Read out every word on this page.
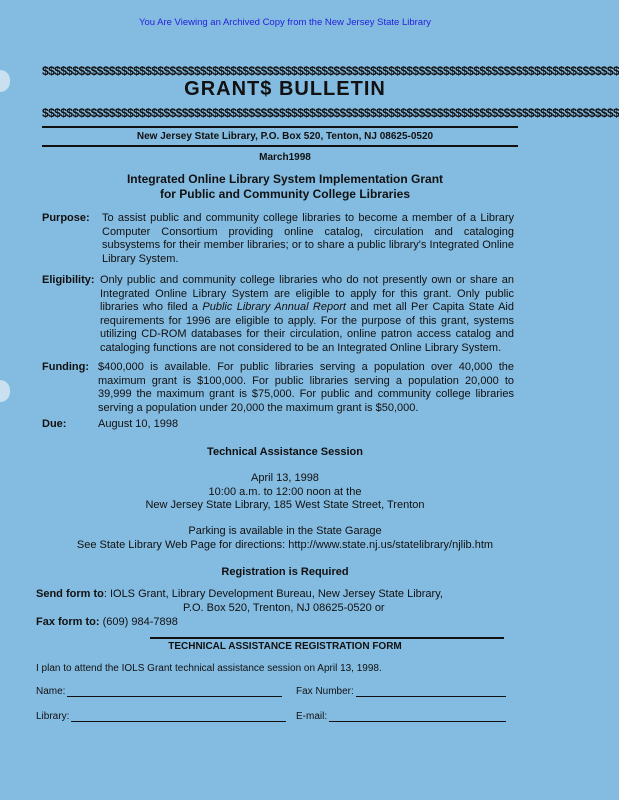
You Are Viewing an Archived Copy from the New Jersey State Library
$$$$$$$$$$$$$$$$$$$$$$$$$$$$$$$$$$$$$$$$$$$$$$$$$$$$$$$$$$$$$$$$$$$$$$$$$$$$$$$$$$$$$$$$$$$$$$$
GRANT$ BULLETIN
$$$$$$$$$$$$$$$$$$$$$$$$$$$$$$$$$$$$$$$$$$$$$$$$$$$$$$$$$$$$$$$$$$$$$$$$$$$$$$$$$$$$$$$$$$$$$$$
New Jersey State Library, P.O. Box 520, Tenton, NJ 08625-0520
March1998
Integrated Online Library System Implementation Grant
for Public and Community College Libraries
Purpose: To assist public and community college libraries to become a member of a Library Computer Consortium providing online catalog, circulation and cataloging subsystems for their member libraries; or to share a public library's Integrated Online Library System.
Eligibility: Only public and community college libraries who do not presently own or share an Integrated Online Library System are eligible to apply for this grant. Only public libraries who filed a Public Library Annual Report and met all Per Capita State Aid requirements for 1996 are eligible to apply. For the purpose of this grant, systems utilizing CD-ROM databases for their circulation, online patron access catalog and cataloging functions are not considered to be an Integrated Online Library System.
Funding: $400,000 is available. For public libraries serving a population over 40,000 the maximum grant is $100,000. For public libraries serving a population 20,000 to 39,999 the maximum grant is $75,000. For public and community college libraries serving a population under 20,000 the maximum grant is $50,000.
Due:	August 10, 1998
Technical Assistance Session
April 13, 1998
10:00 a.m. to 12:00 noon at the
New Jersey State Library, 185 West State Street, Trenton
Parking is available in the State Garage
See State Library Web Page for directions: http://www.state.nj.us/statelibrary/njlib.htm
Registration is Required
Send form to: IOLS Grant, Library Development Bureau, New Jersey State Library,
P.O. Box 520, Trenton, NJ 08625-0520 or
Fax form to: (609) 984-7898
TECHNICAL ASSISTANCE REGISTRATION FORM
I plan to attend the IOLS Grant technical assistance session on April 13, 1998.
Name:	Fax Number:
Library:	E-mail:
